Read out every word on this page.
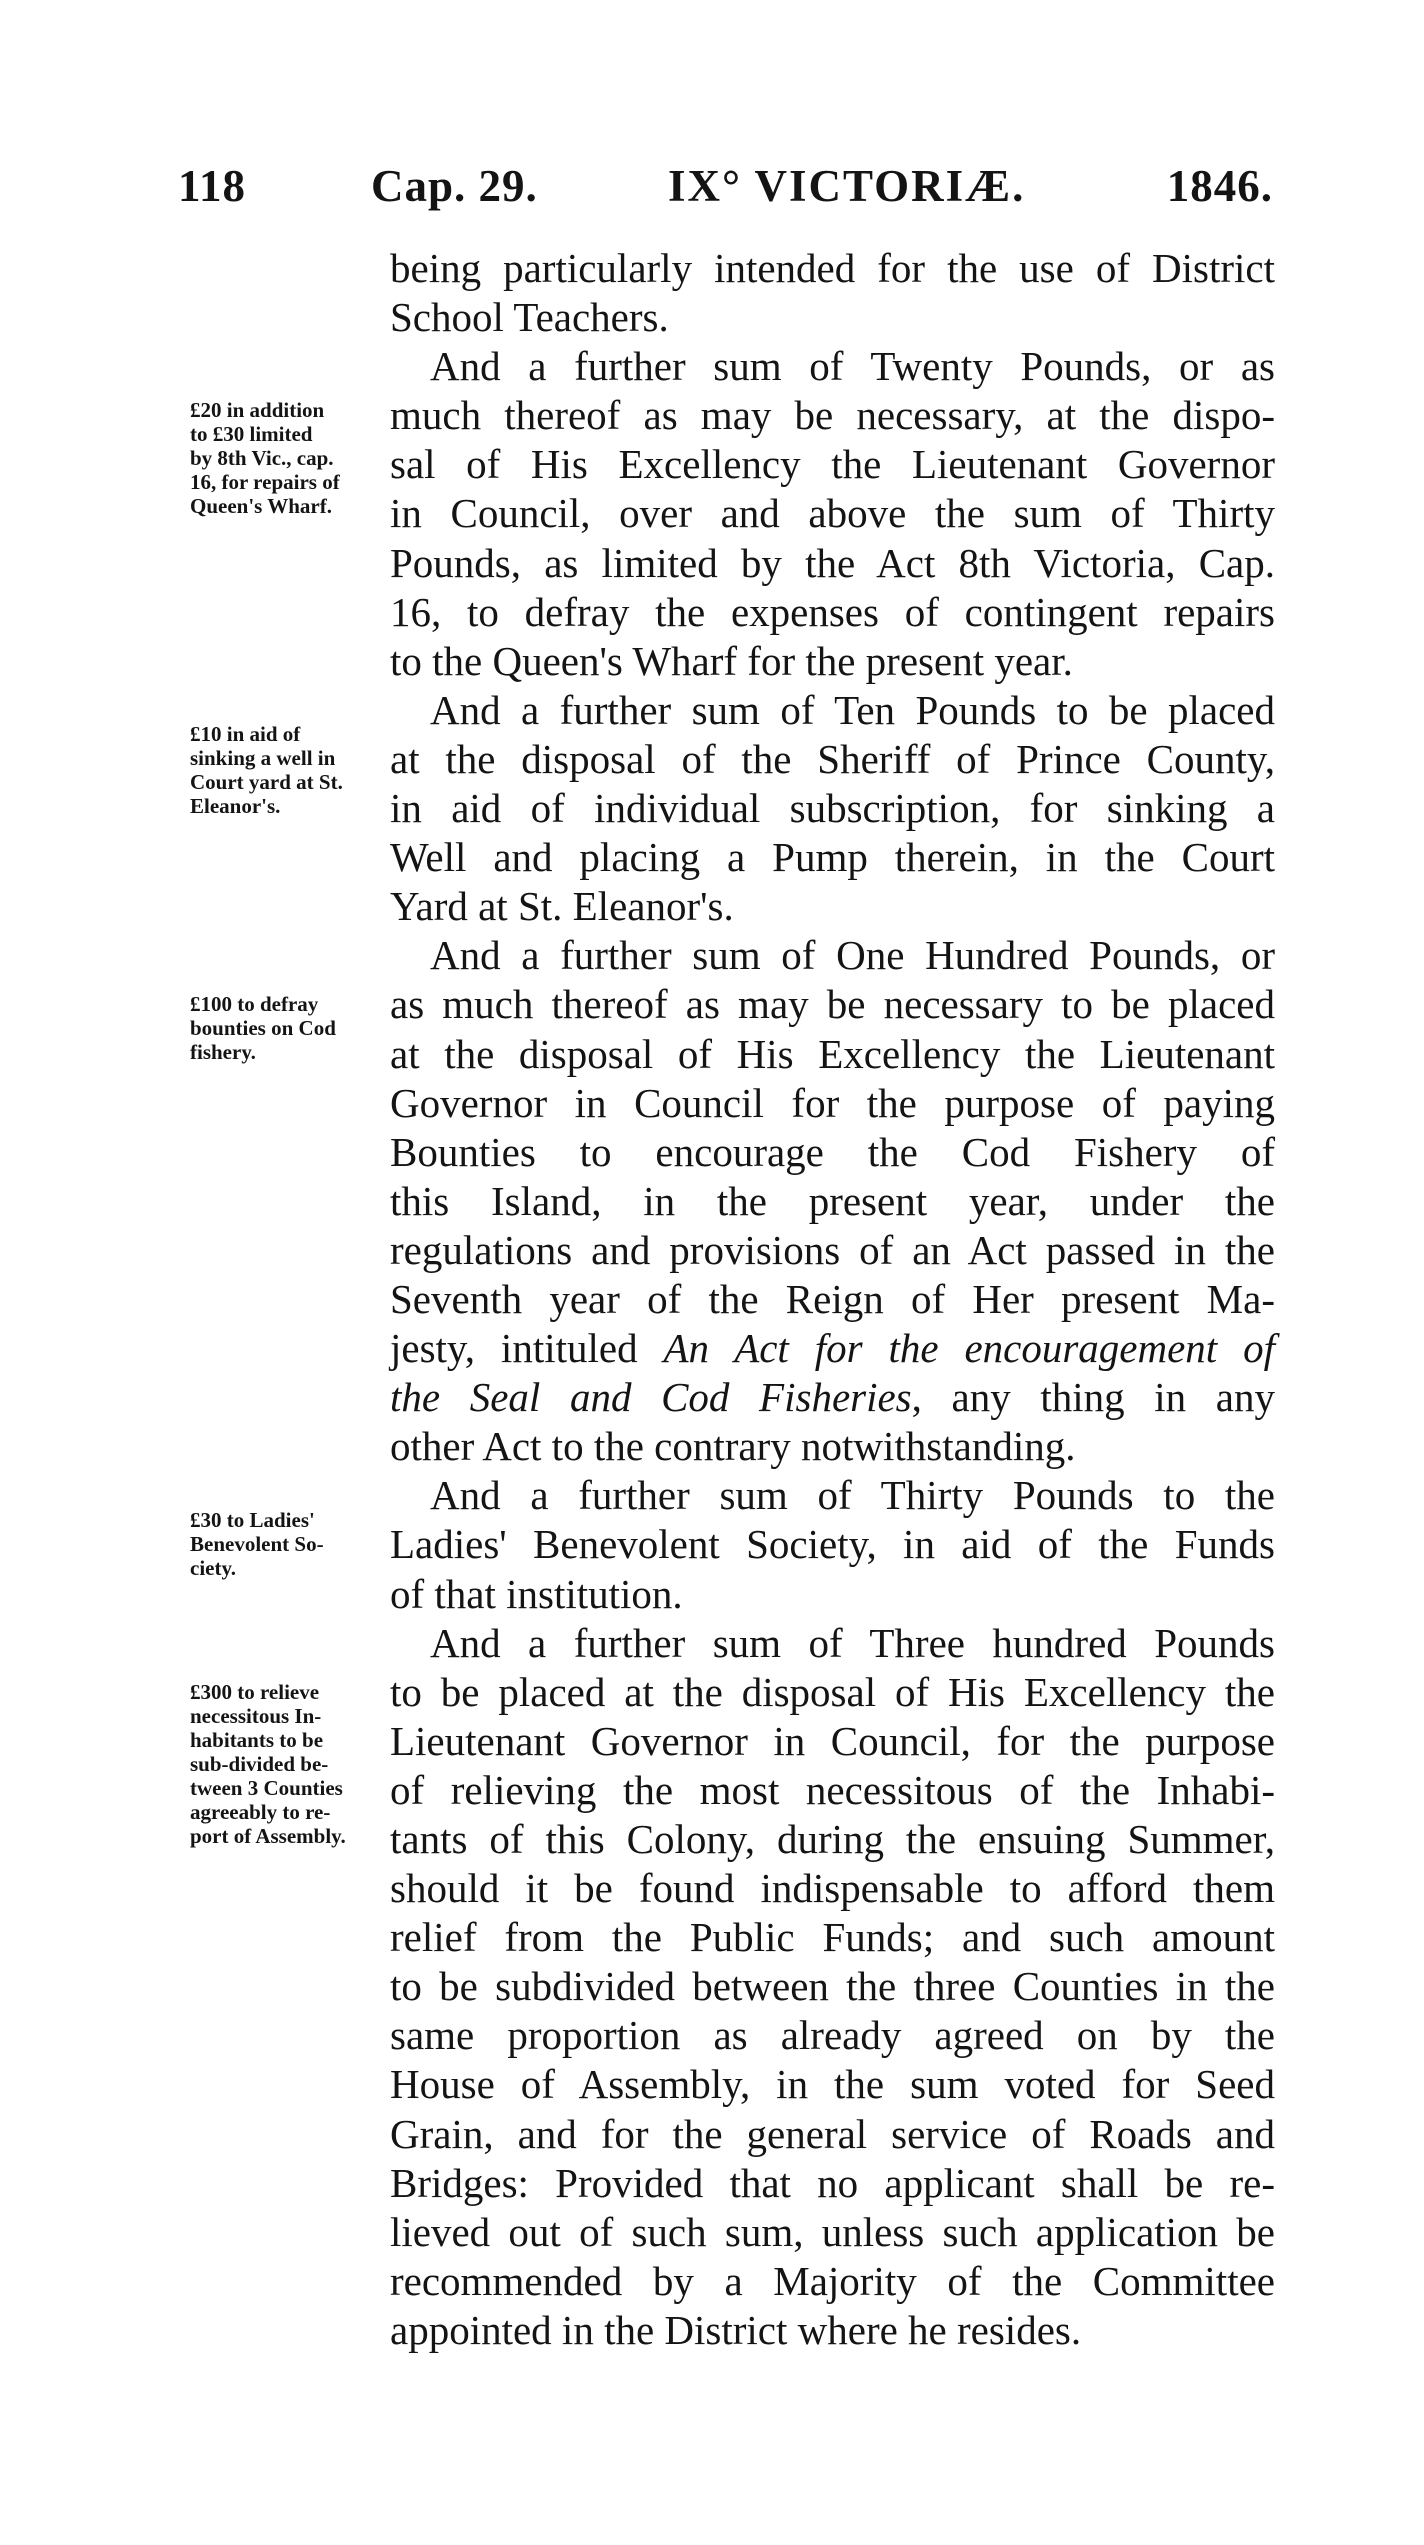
118	Cap. 29.	IX° VICTORIÆ.	1846.
£20 in addition
to £30 limited
by 8th Vic., cap.
16, for repairs of
Queen's Wharf.
£10 in aid of
sinking a well in
Court yard at St.
Eleanor's.
£100 to defray
bounties on Cod
fishery.
£30 to Ladies'
Benevolent So-
ciety.
£300 to relieve
necessitous In-
habitants to be
sub-divided be-
tween 3 Counties
agreeably to re-
port of Assembly.
being particularly intended for the use of District
School Teachers.
And a further sum of Twenty Pounds, or as
much thereof as may be necessary, at the dispo-
sal of His Excellency the Lieutenant Governor
in Council, over and above the sum of Thirty
Pounds, as limited by the Act 8th Victoria, Cap.
16, to defray the expenses of contingent repairs
to the Queen's Wharf for the present year.
And a further sum of Ten Pounds to be placed
at the disposal of the Sheriff of Prince County,
in aid of individual subscription, for sinking a
Well and placing a Pump therein, in the Court
Yard at St. Eleanor's.
And a further sum of One Hundred Pounds, or
as much thereof as may be necessary to be placed
at the disposal of His Excellency the Lieutenant
Governor in Council for the purpose of paying
Bounties to encourage the Cod Fishery of
this Island, in the present year, under the
regulations and provisions of an Act passed in the
Seventh year of the Reign of Her present Ma-
jesty, intituled An Act for the encouragement of
the Seal and Cod Fisheries, any thing in any
other Act to the contrary notwithstanding.
And a further sum of Thirty Pounds to the
Ladies' Benevolent Society, in aid of the Funds
of that institution.
And a further sum of Three hundred Pounds
to be placed at the disposal of His Excellency the
Lieutenant Governor in Council, for the purpose
of relieving the most necessitous of the Inhabi-
tants of this Colony, during the ensuing Summer,
should it be found indispensable to afford them
relief from the Public Funds; and such amount
to be subdivided between the three Counties in the
same proportion as already agreed on by the
House of Assembly, in the sum voted for Seed
Grain, and for the general service of Roads and
Bridges: Provided that no applicant shall be re-
lieved out of such sum, unless such application be
recommended by a Majority of the Committee
appointed in the District where he resides.
